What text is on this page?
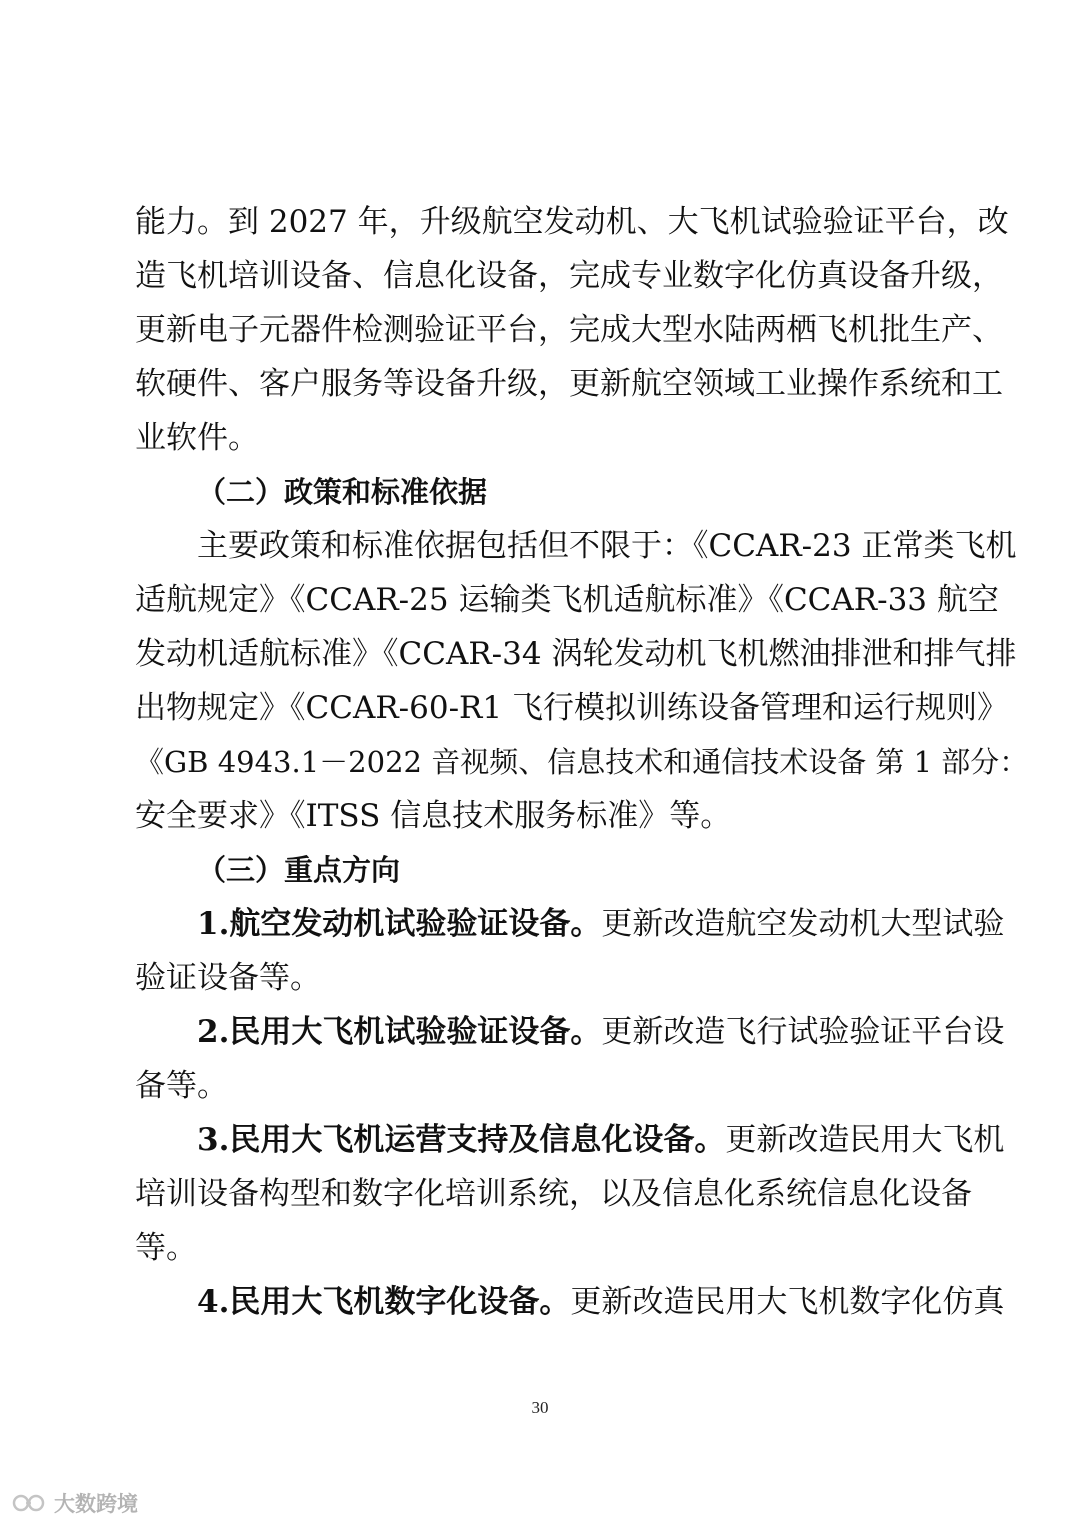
能力。到 2027 年，升级航空发动机、大飞机试验验证平台，改
造飞机培训设备、信息化设备，完成专业数字化仿真设备升级，
更新电子元器件检测验证平台，完成大型水陆两栖飞机批生产、
软硬件、客户服务等设备升级，更新航空领域工业操作系统和工
业软件。
（二）政策和标准依据
主要政策和标准依据包括但不限于：《CCAR-23 正常类飞机
适航规定》《CCAR-25 运输类飞机适航标准》《CCAR-33 航空
发动机适航标准》《CCAR-34 涡轮发动机飞机燃油排泄和排气排
出物规定》《CCAR-60-R1 飞行模拟训练设备管理和运行规则》
《GB 4943.1－2022 音视频、信息技术和通信技术设备 第 1 部分：
安全要求》《ITSS 信息技术服务标准》等。
（三）重点方向
1.航空发动机试验验证设备。 更新改造航空发动机大型试验
验证设备等。
2.民用大飞机试验验证设备。 更新改造飞行试验验证平台设
备等。
3.民用大飞机运营支持及信息化设备。 更新改造民用大飞机
培训设备构型和数字化培训系统，以及信息化系统信息化设备
等。
4.民用大飞机数字化设备。 更新改造民用大飞机数字化仿真
30
大数跨境
